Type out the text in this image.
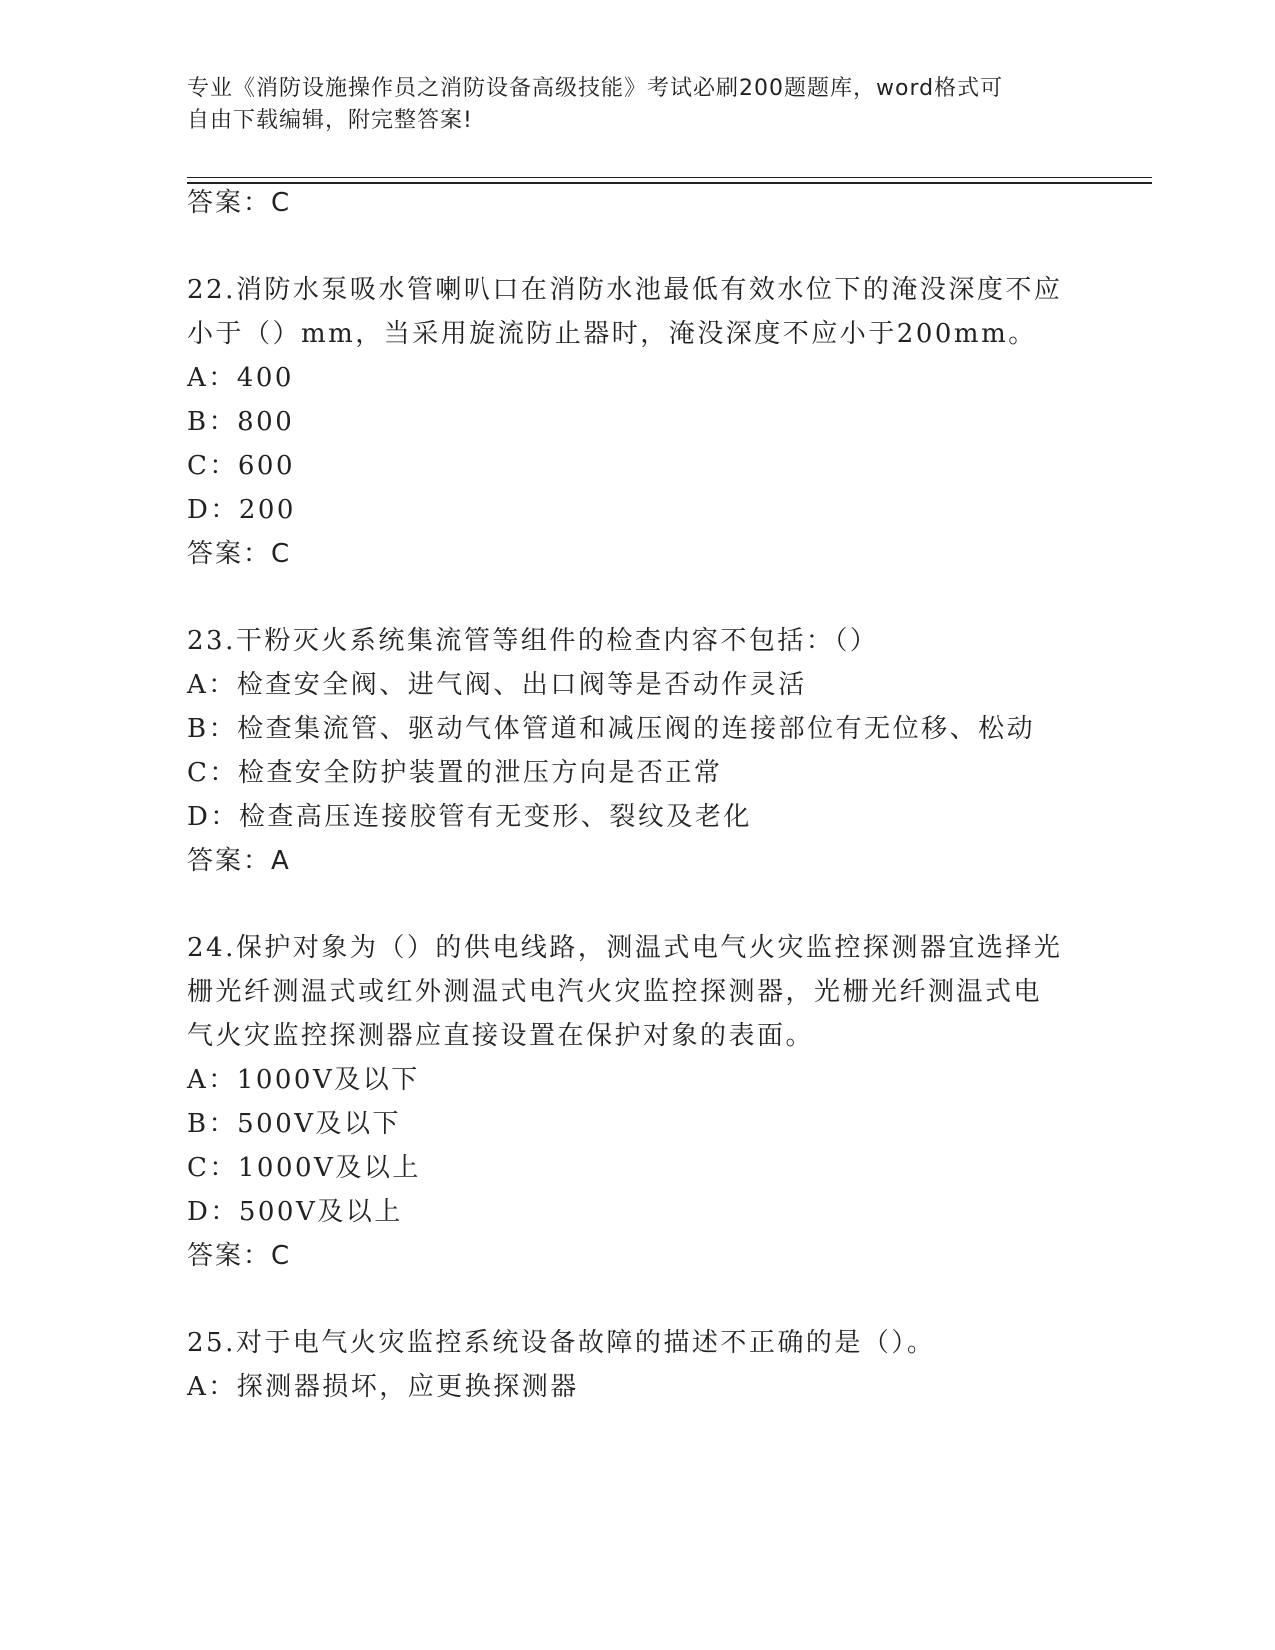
专业《消防设施操作员之消防设备高级技能》考试必刷200题题库，word格式可
自由下载编辑，附完整答案!
答案：C
22.消防水泵吸水管喇叭口在消防水池最低有效水位下的淹没深度不应
小于（）mm，当采用旋流防止器时，淹没深度不应小于200mm。
A：400
B：800
C：600
D：200
答案：C
23.干粉灭火系统集流管等组件的检查内容不包括：（）
A：检查安全阀、进气阀、出口阀等是否动作灵活
B：检查集流管、驱动气体管道和减压阀的连接部位有无位移、松动
C：检查安全防护装置的泄压方向是否正常
D：检查高压连接胶管有无变形、裂纹及老化
答案：A
24.保护对象为（）的供电线路，测温式电气火灾监控探测器宜选择光
栅光纤测温式或红外测温式电汽火灾监控探测器，光栅光纤测温式电
气火灾监控探测器应直接设置在保护对象的表面。
A：1000V及以下
B：500V及以下
C：1000V及以上
D：500V及以上
答案：C
25.对于电气火灾监控系统设备故障的描述不正确的是（）。
A：探测器损坏，应更换探测器
